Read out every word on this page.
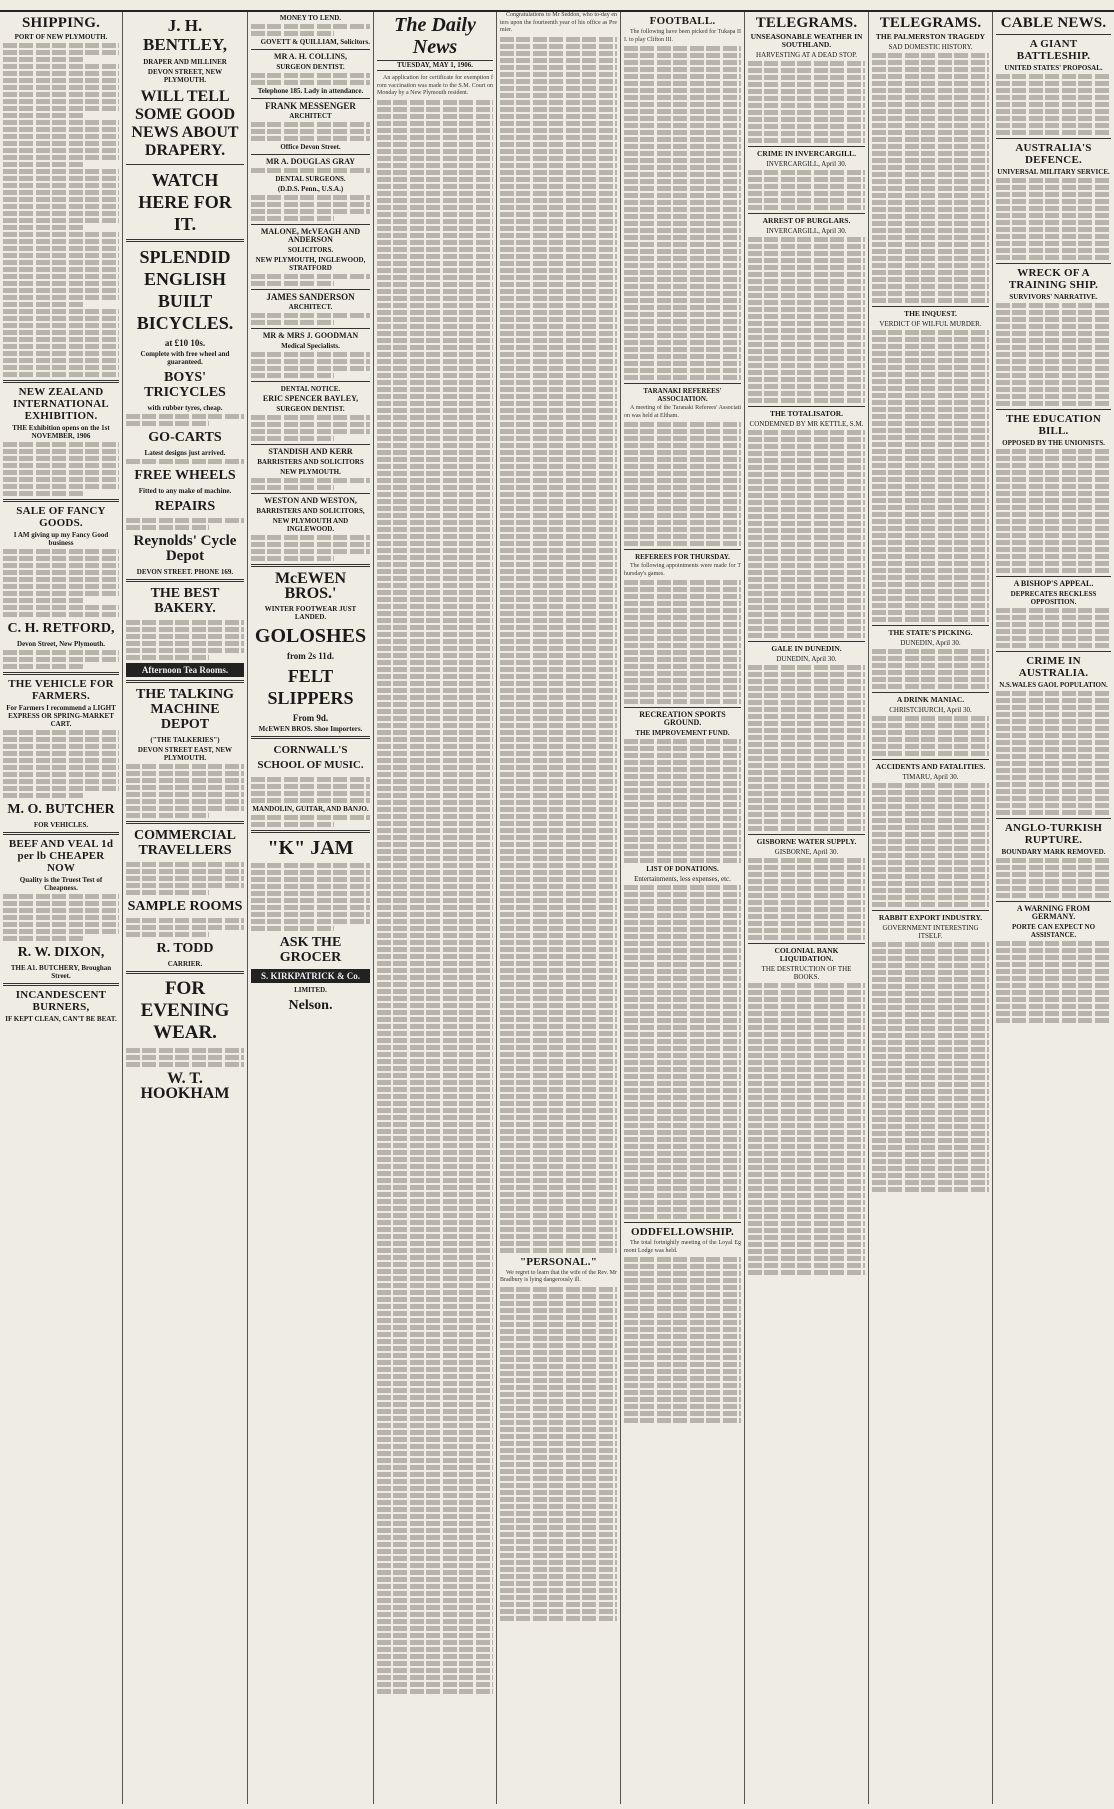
SHIPPING.
PORT OF NEW PLYMOUTH.
NEW ZEALAND INTERNATIONAL EXHIBITION.
THE Exhibition opens on the 1st NOVEMBER, 1906
SALE OF FANCY GOODS.
I AM giving up my Fancy Good business
C. H. RETFORD,
Devon Street, New Plymouth.
THE VEHICLE FOR FARMERS.
For Farmers I recommend a LIGHT EXPRESS OR SPRING-MARKET CART.
M. O. BUTCHER
FOR VEHICLES.
BEEF AND VEAL 1d per lb CHEAPER NOW
Quality is the Truest Test of Cheapness.
R. W. DIXON,
THE A1. BUTCHERY, Broughan Street.
INCANDESCENT BURNERS,
IF KEPT CLEAN, CAN'T BE BEAT.
J. H. BENTLEY,
DRAPER AND MILLINER
DEVON STREET, NEW PLYMOUTH.
WILL TELL SOME GOOD NEWS ABOUT DRAPERY.
WATCH HERE FOR IT.
SPLENDID ENGLISH BUILT BICYCLES.
at £10 10s.
Complete with free wheel and guaranteed.
BOYS' TRICYCLES
with rubber tyres, cheap.
GO-CARTS
Latest designs just arrived.
FREE WHEELS
Fitted to any make of machine.
REPAIRS
Reynolds' Cycle Depot
DEVON STREET. PHONE 169.
THE BEST BAKERY.
Afternoon Tea Rooms.
THE TALKING MACHINE DEPOT
("THE TALKERIES")
DEVON STREET EAST, NEW PLYMOUTH.
COMMERCIAL TRAVELLERS
SAMPLE ROOMS
R. TODD
CARRIER.
FOR EVENING WEAR.
W. T. HOOKHAM
MONEY TO LEND.
GOVETT & QUILLIAM, Solicitors.
MR A. H. COLLINS,
SURGEON DENTIST.
Telephone 185. Lady in attendance.
FRANK MESSENGER
ARCHITECT
Office Devon Street.
MR A. DOUGLAS GRAY
DENTAL SURGEONS.
(D.D.S. Penn., U.S.A.)
MALONE, McVEAGH AND ANDERSON
SOLICITORS.
NEW PLYMOUTH, INGLEWOOD, STRATFORD
JAMES SANDERSON
ARCHITECT.
MR & MRS J. GOODMAN
Medical Specialists.
DENTAL NOTICE.
ERIC SPENCER BAYLEY,
SURGEON DENTIST.
STANDISH AND KERR
BARRISTERS AND SOLICITORS
NEW PLYMOUTH.
WESTON AND WESTON,
BARRISTERS AND SOLICITORS,
NEW PLYMOUTH AND INGLEWOOD.
McEWEN BROS.'
WINTER FOOTWEAR JUST LANDED.
GOLOSHES
from 2s 11d.
FELT SLIPPERS
From 9d.
McEWEN BROS. Shoe Importers.
CORNWALL'S SCHOOL OF MUSIC.
MANDOLIN, GUITAR, AND BANJO.
"K" JAM
ASK THE GROCER
S. KIRKPATRICK & Co.
LIMITED.
Nelson.
The Daily News
TUESDAY, MAY 1, 1906.

An application for certificate for exemption from vaccination was made to the S.M. Court on Monday by a New Plymouth resident.

Congratulations to Mr Seddon, who to-day enters upon the fourteenth year of his office as Premier.

"PERSONAL."

We regret to learn that the wife of the Rev. Mr Bradbury is lying dangerously ill.

FOOTBALL.

The following have been picked for Tukapa III. to play Clifton III.

TARANAKI REFEREES' ASSOCIATION.

A meeting of the Taranaki Referees' Association was held at Eltham.

REFEREES FOR THURSDAY.

The following appointments were made for Thursday's games.

RECREATION SPORTS GROUND.
THE IMPROVEMENT FUND.
LIST OF DONATIONS.
Entertainments, less expenses, etc.
ODDFELLOWSHIP.

The total fortnightly meeting of the Loyal Egmont Lodge was held.

TELEGRAMS.
UNSEASONABLE WEATHER IN SOUTHLAND.
HARVESTING AT A DEAD STOP.
CRIME IN INVERCARGILL.
INVERCARGILL, April 30.
ARREST OF BURGLARS.
INVERCARGILL, April 30.
THE TOTALISATOR.
CONDEMNED BY MR KETTLE, S.M.
GALE IN DUNEDIN.
DUNEDIN, April 30.
GISBORNE WATER SUPPLY.
GISBORNE, April 30.
COLONIAL BANK LIQUIDATION.
THE DESTRUCTION OF THE BOOKS.
TELEGRAMS.
THE PALMERSTON TRAGEDY
SAD DOMESTIC HISTORY.
THE INQUEST.
VERDICT OF WILFUL MURDER.
THE STATE'S PICKING.
DUNEDIN, April 30.
A DRINK MANIAC.
CHRISTCHURCH, April 30.
ACCIDENTS AND FATALITIES.
TIMARU, April 30.
RABBIT EXPORT INDUSTRY.
GOVERNMENT INTERESTING ITSELF.
CABLE NEWS.
A GIANT BATTLESHIP.
UNITED STATES' PROPOSAL.
AUSTRALIA'S DEFENCE.
UNIVERSAL MILITARY SERVICE.
WRECK OF A TRAINING SHIP.
SURVIVORS' NARRATIVE.
THE EDUCATION BILL.
OPPOSED BY THE UNIONISTS.
A BISHOP'S APPEAL.
DEPRECATES RECKLESS OPPOSITION.
CRIME IN AUSTRALIA.
N.S.WALES GAOL POPULATION.
ANGLO-TURKISH RUPTURE.
BOUNDARY MARK REMOVED.
A WARNING FROM GERMANY.
PORTE CAN EXPECT NO ASSISTANCE.
